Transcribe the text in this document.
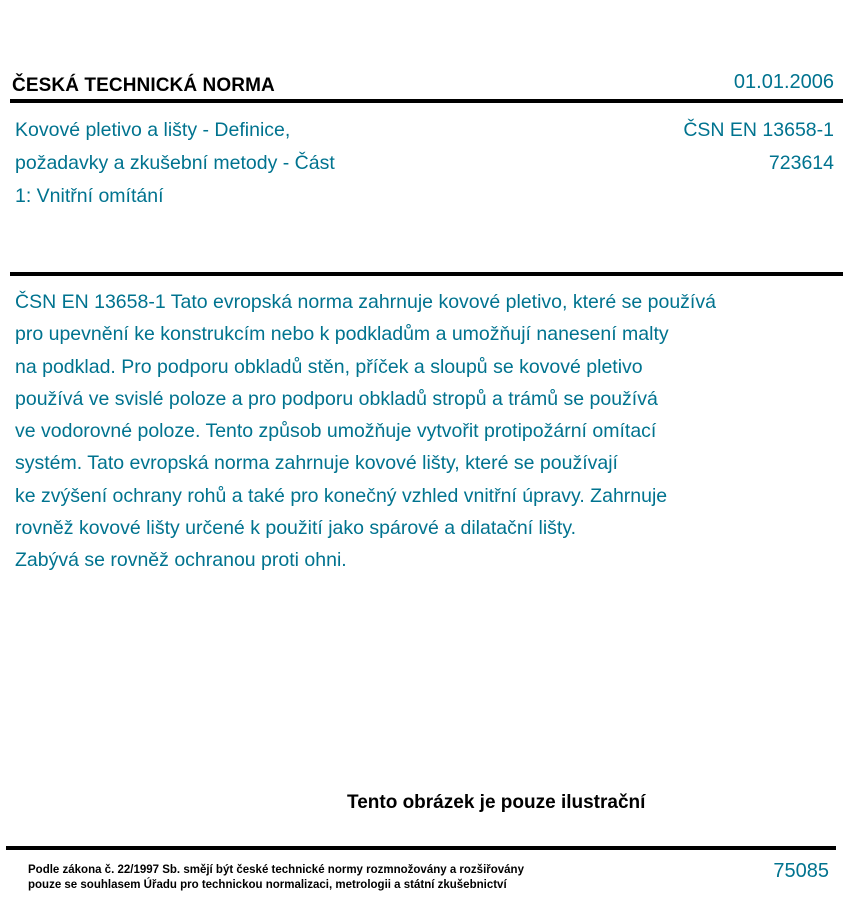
ČESKÁ TECHNICKÁ NORMA	01.01.2006
Kovové pletivo a lišty - Definice,
požadavky a zkušební metody - Část
1: Vnitřní omítání
ČSN EN 13658-1
723614
ČSN EN 13658-1 Tato evropská norma zahrnuje kovové pletivo, které se používá
pro upevnění ke konstrukcím nebo k podkladům a umožňují nanesení malty
na podklad. Pro podporu obkladů stěn, příček a sloupů se kovové pletivo
používá ve svislé poloze a pro podporu obkladů stropů a trámů se používá
ve vodorovné poloze. Tento způsob umožňuje vytvořit protipožární omítací
systém. Tato evropská norma zahrnuje kovové lišty, které se používají
ke zvýšení ochrany rohů a také pro konečný vzhled vnitřní úpravy. Zahrnuje
rovněž kovové lišty určené k použití jako spárové a dilatační lišty.
Zabývá se rovněž ochranou proti ohni.
Tento obrázek je pouze ilustrační
Podle zákona č. 22/1997 Sb. smějí být české technické normy rozmnožovány a rozšiřovány
pouze se souhlasem Úřadu pro technickou normalizaci, metrologii a státní zkušebnictví
75085
